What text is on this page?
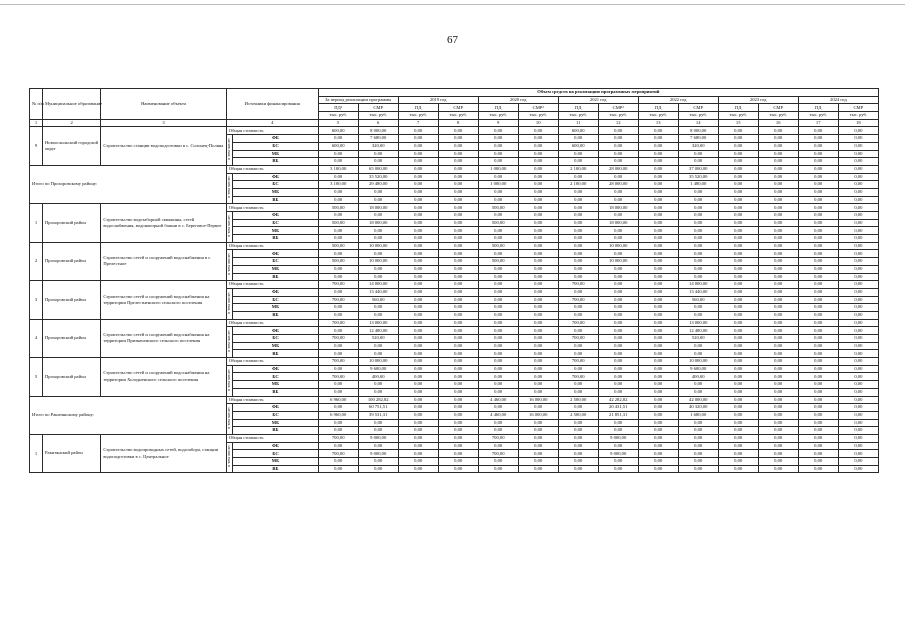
67
№ п/п	Муниципальное образование	Наименование объекта	Источники финансирования		Объем средств на реализацию программных мероприятий													
					За период реализации программы		2019 год		2020 год		2021 год		2022 год		2023 год		2024 год	
					ПД¹	СМР	ПД	СМР	ПД	СМР²	ПД	СМР²	ПД	СМР	ПД	СМР	ПД	СМР
					тыс. руб.	тыс. руб.	тыс. руб.	тыс. руб.	тыс. руб.	тыс. руб.	тыс. руб.	тыс. руб.	тыс. руб.	тыс. руб.	тыс. руб.	тыс. руб.	тыс. руб.	тыс. руб.
1	2	3	4		5	6	7	8	9	10	11	12	13	14	15	16	17	18
9	Новооскольский городской округ	Строительство станции водоподготовки в с. Солонец-Поляна	Общая стоимость		600,00	8 000,00	0,00	0,00	0,00	0,00	600,00	0,00	0,00	8 000,00	0,00	0,00	0,00	0,00
			в том числе:	ФБ	0,00	7 680,00	0,00	0,00	0,00	0,00	0,00	0,00	0,00	7 680,00	0,00	0,00	0,00	0,00
				БС	600,00	320,00	0,00	0,00	0,00	0,00	600,00	0,00	0,00	320,00	0,00	0,00	0,00	0,00
				МБ	0,00	0,00	0,00	0,00	0,00	0,00	0,00	0,00	0,00	0,00	0,00	0,00	0,00	0,00
				ВБ	0,00	0,00	0,00	0,00	0,00	0,00	0,00	0,00	0,00	0,00	0,00	0,00	0,00	0,00
Итого по Прохоровскому району:			Общая стоимость		3 100,00	65 000,00	0,00	0,00	1 000,00	0,00	2 100,00	28 000,00	0,00	37 000,00	0,00	0,00	0,00	0,00
			в том числе:	ФБ	0,00	35 520,00	0,00	0,00	0,00	0,00	0,00	0,00	0,00	35 520,00	0,00	0,00	0,00	0,00
				БС	3 100,00	29 480,00	0,00	0,00	1 000,00	0,00	2 100,00	28 000,00	0,00	1 480,00	0,00	0,00	0,00	0,00
				МБ	0,00	0,00	0,00	0,00	0,00	0,00	0,00	0,00	0,00	0,00	0,00	0,00	0,00	0,00
				ВБ	0,00	0,00	0,00	0,00	0,00	0,00	0,00	0,00	0,00	0,00	0,00	0,00	0,00	0,00
1	Прохоровский район	Строительство водозаборной скважины, сетей водоснабжения, водонапорной башни в с. Береговое-Первое	Общая стоимость		500,00	18 000,00	0,00	0,00	500,00	0,00	0,00	18 000,00	0,00	0,00	0,00	0,00	0,00	0,00
			в том числе:	ФБ	0,00	0,00	0,00	0,00	0,00	0,00	0,00	0,00	0,00	0,00	0,00	0,00	0,00	0,00
				БС	500,00	18 000,00	0,00	0,00	500,00	0,00	0,00	18 000,00	0,00	0,00	0,00	0,00	0,00	0,00
				МБ	0,00	0,00	0,00	0,00	0,00	0,00	0,00	0,00	0,00	0,00	0,00	0,00	0,00	0,00
				ВБ	0,00	0,00	0,00	0,00	0,00	0,00	0,00	0,00	0,00	0,00	0,00	0,00	0,00	0,00
2	Прохоровский район	Строительство сетей и сооружений водоснабжения в с. Прелестное	Общая стоимость		500,00	10 000,00	0,00	0,00	500,00	0,00	0,00	10 000,00	0,00	0,00	0,00	0,00	0,00	0,00
			в том числе:	ФБ	0,00	0,00	0,00	0,00	0,00	0,00	0,00	0,00	0,00	0,00	0,00	0,00	0,00	0,00
				БС	500,00	10 000,00	0,00	0,00	500,00	0,00	0,00	10 000,00	0,00	0,00	0,00	0,00	0,00	0,00
				МБ	0,00	0,00	0,00	0,00	0,00	0,00	0,00	0,00	0,00	0,00	0,00	0,00	0,00	0,00
				ВБ	0,00	0,00	0,00	0,00	0,00	0,00	0,00	0,00	0,00	0,00	0,00	0,00	0,00	0,00
3	Прохоровский район	Строительство сетей и сооружений водоснабжения на территории Прелестненского сельского поселения	Общая стоимость		700,00	14 000,00	0,00	0,00	0,00	0,00	700,00	0,00	0,00	14 000,00	0,00	0,00	0,00	0,00
			в том числе:	ФБ	0,00	13 440,00	0,00	0,00	0,00	0,00	0,00	0,00	0,00	13 440,00	0,00	0,00	0,00	0,00
				БС	700,00	560,00	0,00	0,00	0,00	0,00	700,00	0,00	0,00	560,00	0,00	0,00	0,00	0,00
				МБ	0,00	0,00	0,00	0,00	0,00	0,00	0,00	0,00	0,00	0,00	0,00	0,00	0,00	0,00
				ВБ	0,00	0,00	0,00	0,00	0,00	0,00	0,00	0,00	0,00	0,00	0,00	0,00	0,00	0,00
4	Прохоровский район	Строительство сетей и сооружений водоснабжения на территории Призначенского сельского поселения	Общая стоимость		700,00	13 000,00	0,00	0,00	0,00	0,00	700,00	0,00	0,00	13 000,00	0,00	0,00	0,00	0,00
			в том числе:	ФБ	0,00	12 480,00	0,00	0,00	0,00	0,00	0,00	0,00	0,00	12 480,00	0,00	0,00	0,00	0,00
				БС	700,00	520,00	0,00	0,00	0,00	0,00	700,00	0,00	0,00	520,00	0,00	0,00	0,00	0,00
				МБ	0,00	0,00	0,00	0,00	0,00	0,00	0,00	0,00	0,00	0,00	0,00	0,00	0,00	0,00
				ВБ	0,00	0,00	0,00	0,00	0,00	0,00	0,00	0,00	0,00	0,00	0,00	0,00	0,00	0,00
5	Прохоровский район	Строительство сетей и сооружений водоснабжения на территории Холодненского сельского поселения	Общая стоимость		700,00	10 000,00	0,00	0,00	0,00	0,00	700,00	0,00	0,00	10 000,00	0,00	0,00	0,00	0,00
			в том числе:	ФБ	0,00	9 600,00	0,00	0,00	0,00	0,00	0,00	0,00	0,00	9 600,00	0,00	0,00	0,00	0,00
				БС	700,00	400,00	0,00	0,00	0,00	0,00	700,00	0,00	0,00	400,00	0,00	0,00	0,00	0,00
				МБ	0,00	0,00	0,00	0,00	0,00	0,00	0,00	0,00	0,00	0,00	0,00	0,00	0,00	0,00
				ВБ	0,00	0,00	0,00	0,00	0,00	0,00	0,00	0,00	0,00	0,00	0,00	0,00	0,00	0,00
Итого по Ракитянскому району:			Общая стоимость		6 960,00	100 282,82	0,00	0,00	4 460,00	16 000,00	2 500,00	42 282,82	0,00	42 000,00	0,00	0,00	0,00	0,00
			в том числе:	ФБ	0,00	60 751,51	0,00	0,00	0,00	0,00	0,00	20 431,51	0,00	40 320,00	0,00	0,00	0,00	0,00
				БС	6 960,00	39 531,31	0,00	0,00	4 460,00	16 000,00	2 500,00	21 851,31	0,00	1 680,00	0,00	0,00	0,00	0,00
				МБ	0,00	0,00	0,00	0,00	0,00	0,00	0,00	0,00	0,00	0,00	0,00	0,00	0,00	0,00
				ВБ	0,00	0,00	0,00	0,00	0,00	0,00	0,00	0,00	0,00	0,00	0,00	0,00	0,00	0,00
1	Ракитянский район	Строительство водопроводных сетей, водозабора, станции водоподготовки в с. Центральное	Общая стоимость		700,00	9 000,00	0,00	0,00	700,00	0,00	0,00	9 000,00	0,00	0,00	0,00	0,00	0,00	0,00
			в том числе:	ФБ	0,00	0,00	0,00	0,00	0,00	0,00	0,00	0,00	0,00	0,00	0,00	0,00	0,00	0,00
				БС	700,00	9 000,00	0,00	0,00	700,00	0,00	0,00	9 000,00	0,00	0,00	0,00	0,00	0,00	0,00
				МБ	0,00	0,00	0,00	0,00	0,00	0,00	0,00	0,00	0,00	0,00	0,00	0,00	0,00	0,00
				ВБ	0,00	0,00	0,00	0,00	0,00	0,00	0,00	0,00	0,00	0,00	0,00	0,00	0,00	0,00
